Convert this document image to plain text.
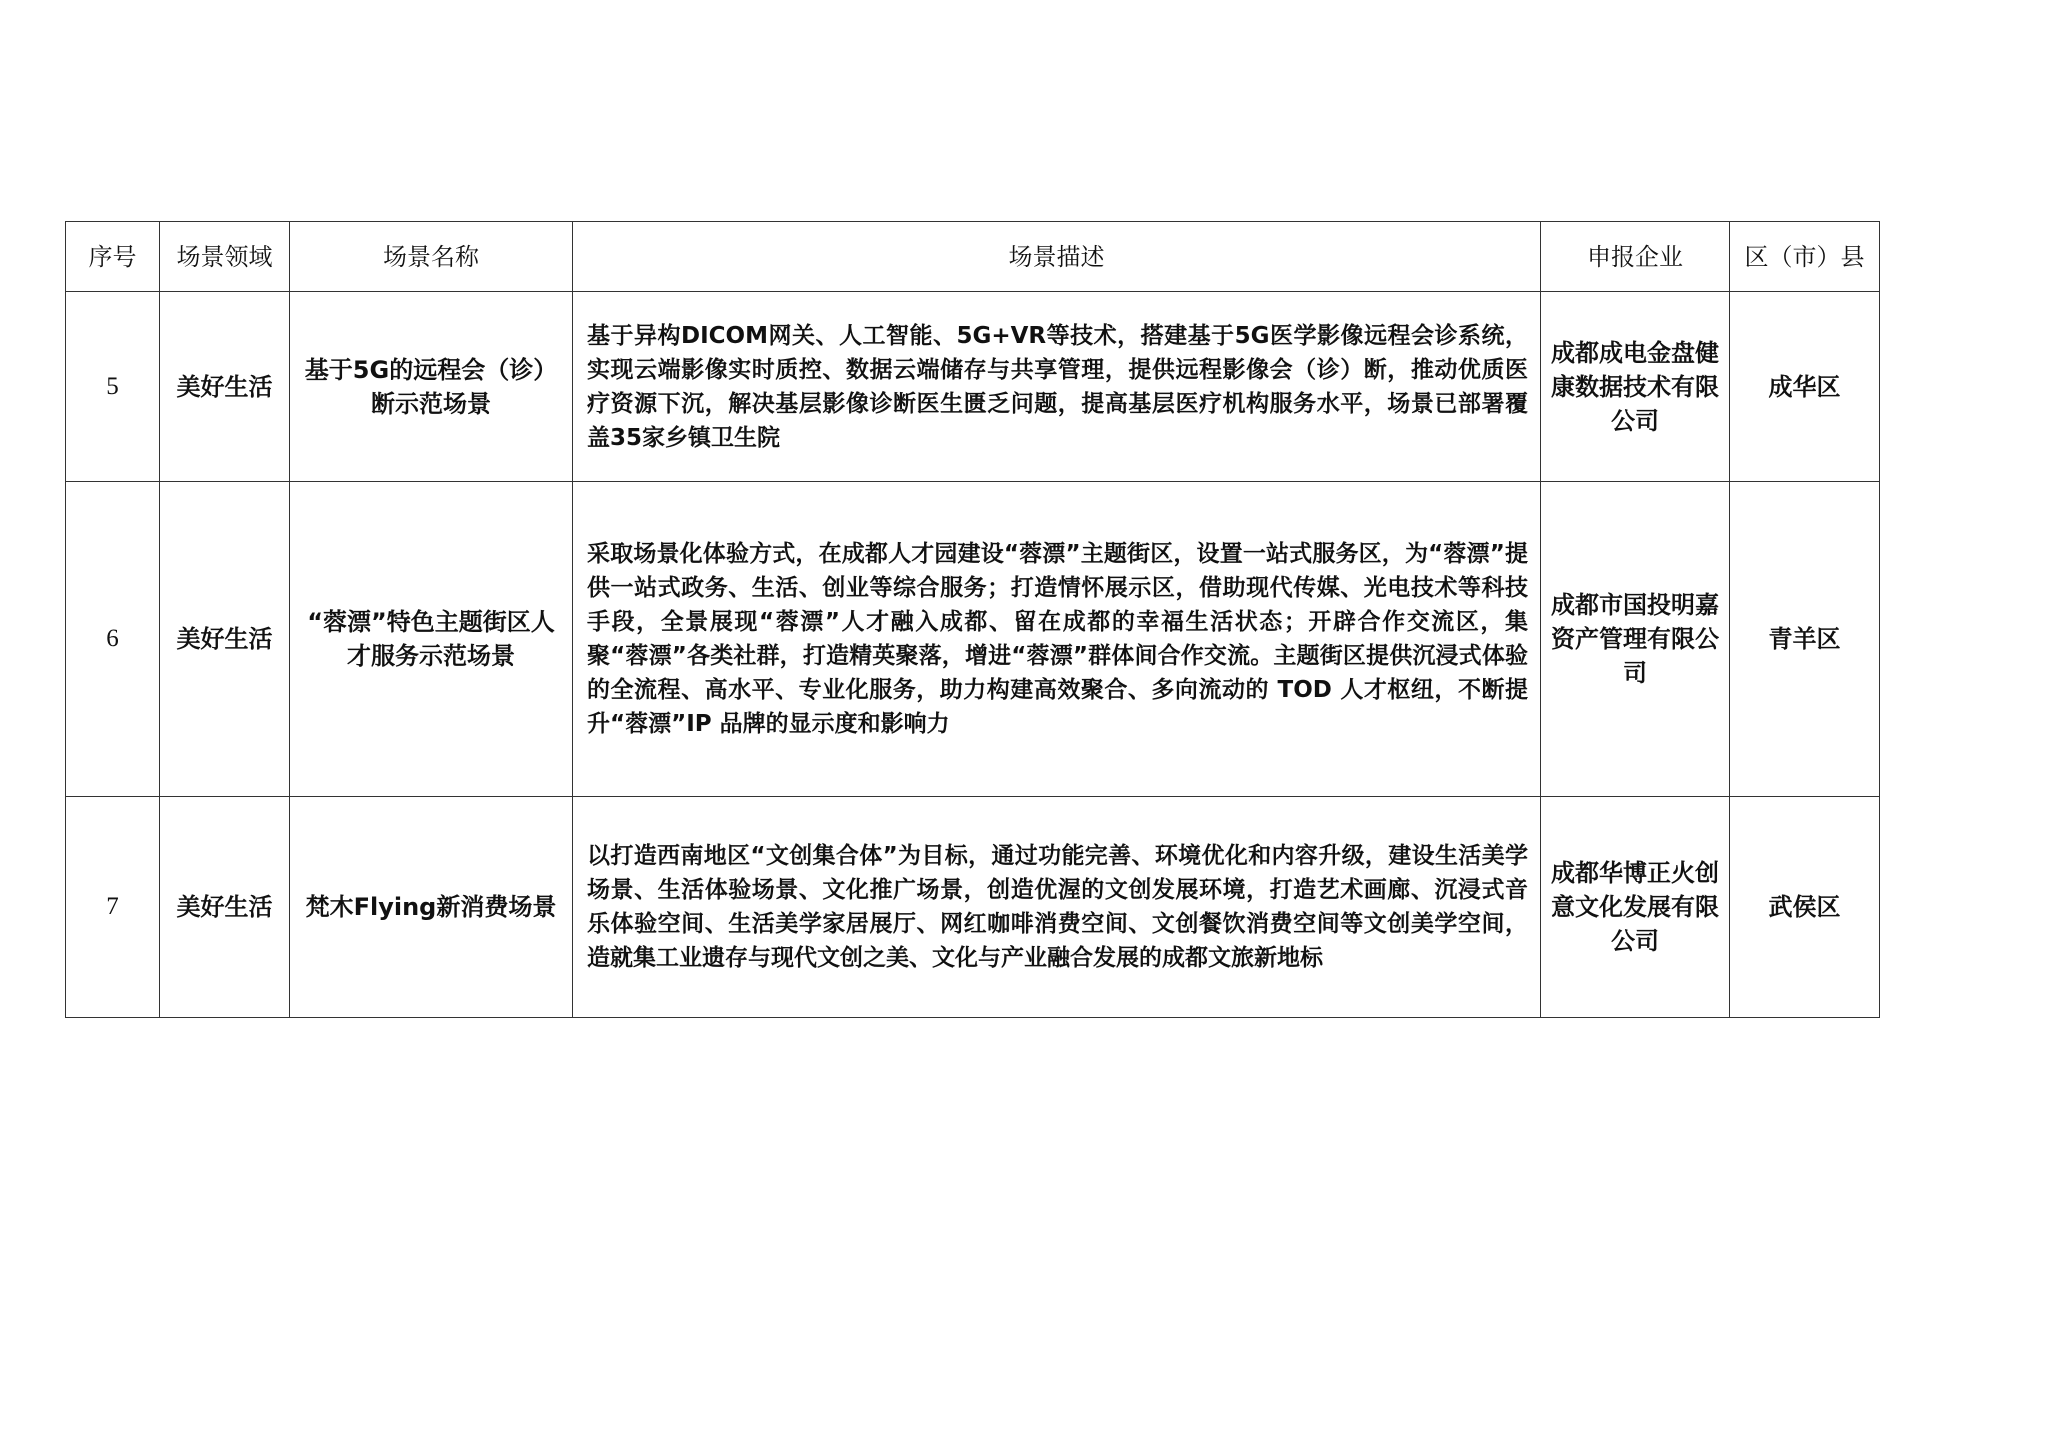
序号	场景领域	场景名称	场景描述	申报企业	区（市）县
5	美好生活	基于5G的远程会（诊）断示范场景	基于异构DICOM网关、人工智能、5G+VR等技术，搭建基于5G医学影像远程会诊系统，实现云端影像实时质控、数据云端储存与共享管理，提供远程影像会（诊）断，推动优质医疗资源下沉，解决基层影像诊断医生匮乏问题，提高基层医疗机构服务水平，场景已部署覆盖35家乡镇卫生院	成都成电金盘健康数据技术有限公司	成华区
6	美好生活	“蓉漂”特色主题街区人才服务示范场景	采取场景化体验方式，在成都人才园建设“蓉漂”主题街区，设置一站式服务区，为“蓉漂”提供一站式政务、生活、创业等综合服务；打造情怀展示区，借助现代传媒、光电技术等科技手段，全景展现“蓉漂”人才融入成都、留在成都的幸福生活状态；开辟合作交流区，集聚“蓉漂”各类社群，打造精英聚落，增进“蓉漂”群体间合作交流。主题街区提供沉浸式体验的全流程、高水平、专业化服务，助力构建高效聚合、多向流动的 TOD 人才枢纽，不断提升“蓉漂”IP 品牌的显示度和影响力	成都市国投明嘉资产管理有限公司	青羊区
7	美好生活	梵木Flying新消费场景	以打造西南地区“文创集合体”为目标，通过功能完善、环境优化和内容升级，建设生活美学场景、生活体验场景、文化推广场景，创造优渥的文创发展环境，打造艺术画廊、沉浸式音乐体验空间、生活美学家居展厅、网红咖啡消费空间、文创餐饮消费空间等文创美学空间，造就集工业遗存与现代文创之美、文化与产业融合发展的成都文旅新地标	成都华博正火创意文化发展有限公司	武侯区
